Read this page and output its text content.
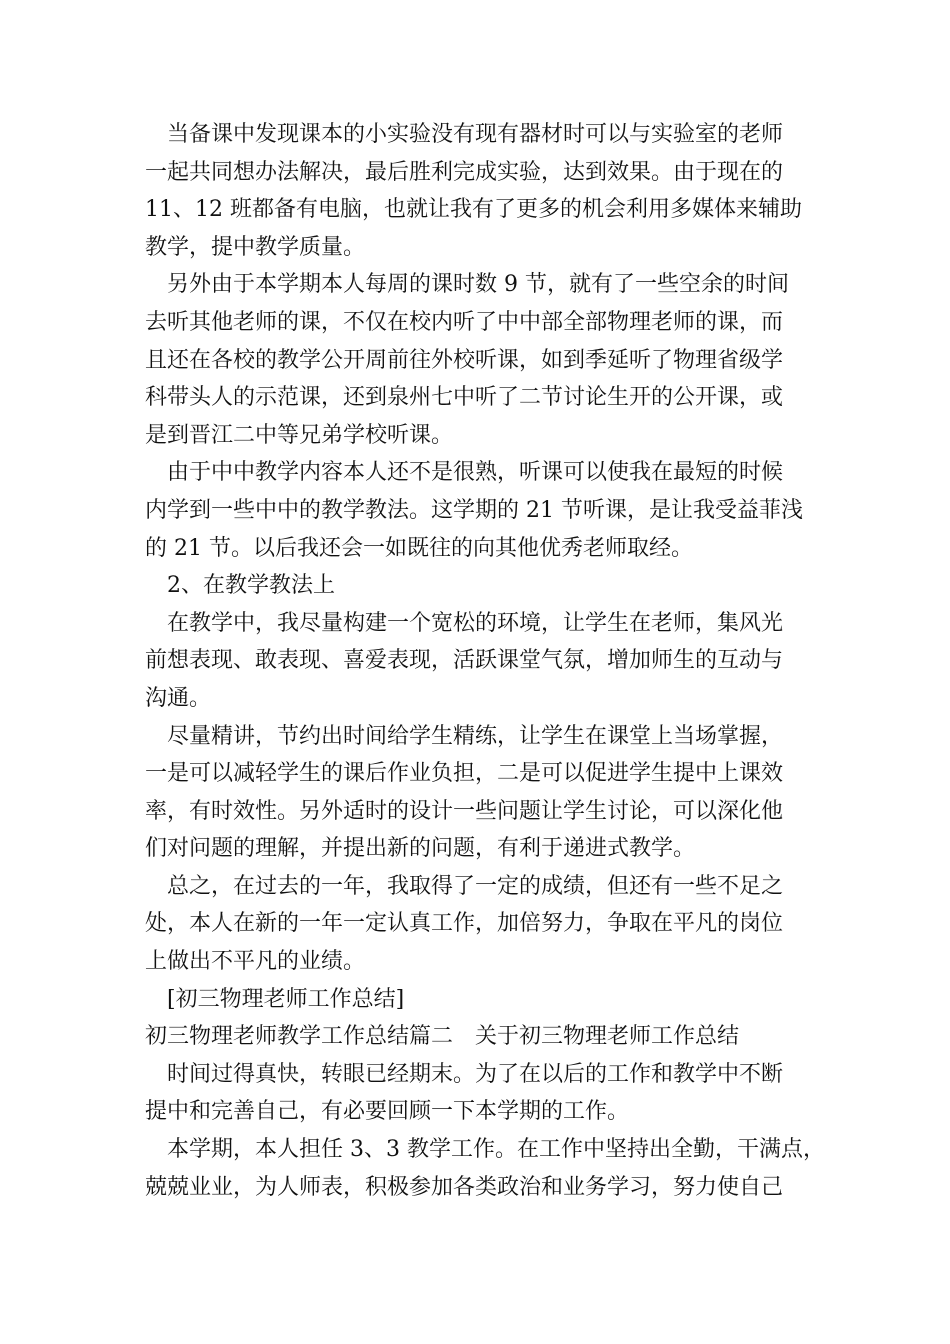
当备课中发现课本的小实验没有现有器材时可以与实验室的老师
一起共同想办法解决，最后胜利完成实验，达到效果。由于现在的
11、12 班都备有电脑，也就让我有了更多的机会利用多媒体来辅助
教学，提中教学质量。

另外由于本学期本人每周的课时数 9 节，就有了一些空余的时间
去听其他老师的课，不仅在校内听了中中部全部物理老师的课，而
且还在各校的教学公开周前往外校听课，如到季延听了物理省级学
科带头人的示范课，还到泉州七中听了二节讨论生开的公开课，或
是到晋江二中等兄弟学校听课。

由于中中教学内容本人还不是很熟，听课可以使我在最短的时候
内学到一些中中的教学教法。这学期的 21 节听课，是让我受益菲浅
的 21 节。以后我还会一如既往的向其他优秀老师取经。

2、在教学教法上

在教学中，我尽量构建一个宽松的环境，让学生在老师，集风光
前想表现、敢表现、喜爱表现，活跃课堂气氛，增加师生的互动与
沟通。

尽量精讲，节约出时间给学生精练，让学生在课堂上当场掌握，
一是可以减轻学生的课后作业负担，二是可以促进学生提中上课效
率，有时效性。另外适时的设计一些问题让学生讨论，可以深化他
们对问题的理解，并提出新的问题，有利于递进式教学。

总之，在过去的一年，我取得了一定的成绩，但还有一些不足之
处，本人在新的一年一定认真工作，加倍努力，争取在平凡的岗位
上做出不平凡的业绩。

[初三物理老师工作总结]

初三物理老师教学工作总结篇二　关于初三物理老师工作总结

时间过得真快，转眼已经期末。为了在以后的工作和教学中不断
提中和完善自己，有必要回顾一下本学期的工作。

本学期，本人担任 3、3 教学工作。在工作中坚持出全勤，干满点，
兢兢业业，为人师表，积极参加各类政治和业务学习，努力使自己
